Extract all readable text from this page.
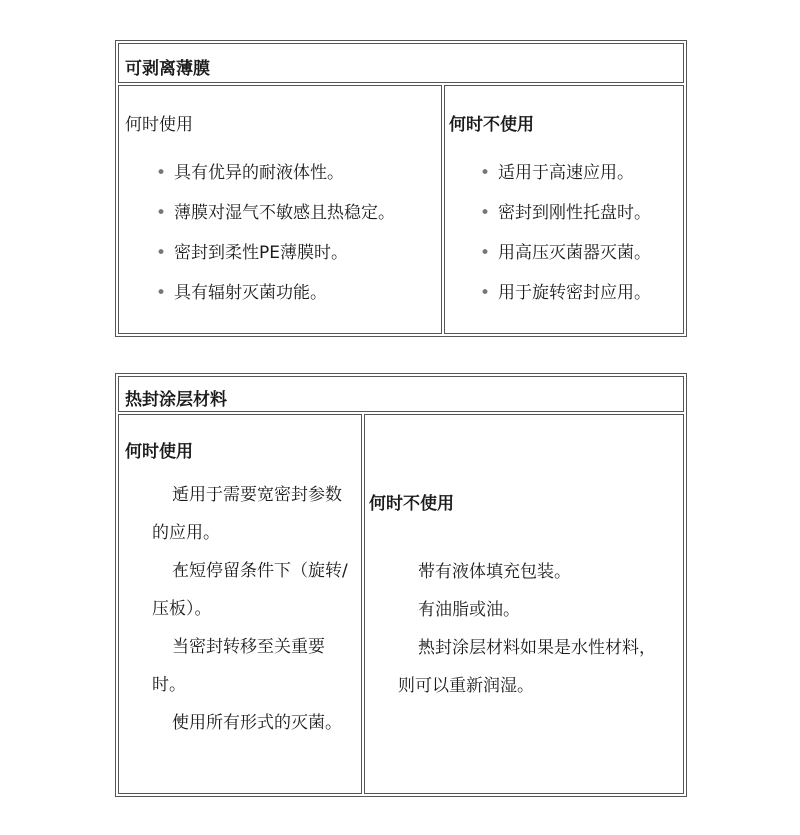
可剥离薄膜
何时使用	何时不使用
• 具有优异的耐液体性。
• 薄膜对湿气不敏感且热稳定。
• 密封到柔性PE薄膜时。
• 具有辐射灭菌功能。
• 适用于高速应用。
• 密封到刚性托盘时。
• 用高压灭菌器灭菌。
• 用于旋转密封应用。
热封涂层材料
何时使用
何时不使用
• 适用于需要宽密封参数的应用。
• 在短停留条件下（旋转/压板）。
• 当密封转移至关重要时。
• 使用所有形式的灭菌。
• 带有液体填充包装。
• 有油脂或油。
• 热封涂层材料如果是水性材料，则可以重新润湿。
